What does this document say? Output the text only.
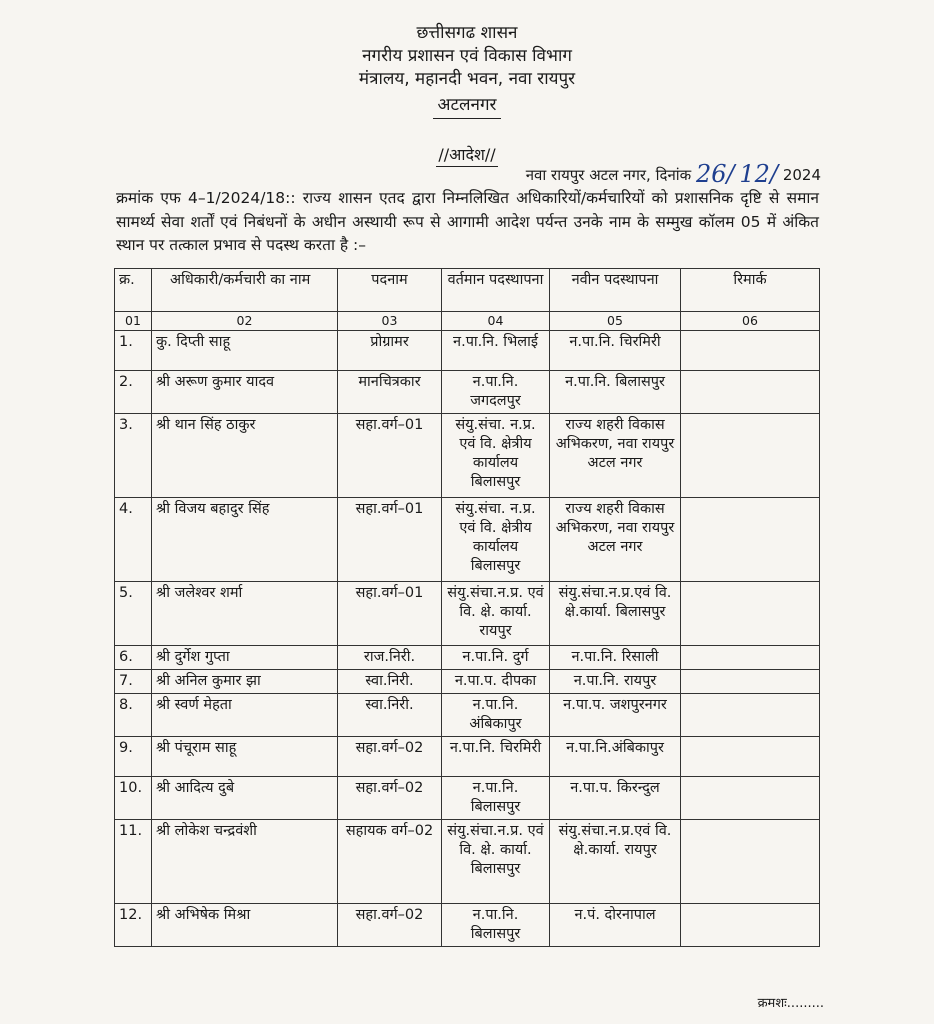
छत्तीसगढ शासन
नगरीय प्रशासन एवं विकास विभाग
मंत्रालय, महानदी भवन, नवा रायपुर
अटलनगर
//आदेश//
नवा रायपुर अटल नगर, दिनांक 26/ 12/ 2024
क्रमांक एफ 4–1/2024/18:: राज्य शासन एतद द्वारा निम्नलिखित अधिकारियों/कर्मचारियों को प्रशासनिक दृष्टि से समान सामर्थ्य सेवा शर्तों एवं निबंधनों के अधीन अस्थायी रूप से आगामी आदेश पर्यन्त उनके नाम के सम्मुख कॉलम 05 में अंकित स्थान पर तत्काल प्रभाव से पदस्थ करता है :–
क्र.	अधिकारी/कर्मचारी का नाम	पदनाम	वर्तमान पदस्थापना	नवीन पदस्थापना	रिमार्क
01	02	03	04	05	06
1.	कु. दिप्ती साहू	प्रोग्रामर	न.पा.नि. भिलाई	न.पा.नि. चिरमिरी	
2.	श्री अरूण कुमार यादव	मानचित्रकार	न.पा.नि. जगदलपुर	न.पा.नि. बिलासपुर	
3.	श्री थान सिंह ठाकुर	सहा.वर्ग–01	संयु.संचा. न.प्र. एवं वि. क्षेत्रीय कार्यालय बिलासपुर	राज्य शहरी विकास अभिकरण, नवा रायपुर अटल नगर	
4.	श्री विजय बहादुर सिंह	सहा.वर्ग–01	संयु.संचा. न.प्र. एवं वि. क्षेत्रीय कार्यालय बिलासपुर	राज्य शहरी विकास अभिकरण, नवा रायपुर अटल नगर	
5.	श्री जलेश्वर शर्मा	सहा.वर्ग–01	संयु.संचा.न.प्र. एवं वि. क्षे. कार्या. रायपुर	संयु.संचा.न.प्र.एवं वि. क्षे.कार्या. बिलासपुर	
6.	श्री दुर्गेश गुप्ता	राज.निरी.	न.पा.नि. दुर्ग	न.पा.नि. रिसाली	
7.	श्री अनिल कुमार झा	स्वा.निरी.	न.पा.प. दीपका	न.पा.नि. रायपुर	
8.	श्री स्वर्ण मेहता	स्वा.निरी.	न.पा.नि. अंबिकापुर	न.पा.प. जशपुरनगर	
9.	श्री पंचूराम साहू	सहा.वर्ग–02	न.पा.नि. चिरमिरी	न.पा.नि.अंबिकापुर	
10.	श्री आदित्य दुबे	सहा.वर्ग–02	न.पा.नि. बिलासपुर	न.पा.प. किरन्दुल	
11.	श्री लोकेश चन्द्रवंशी	सहायक वर्ग–02	संयु.संचा.न.प्र. एवं वि. क्षे. कार्या. बिलासपुर	संयु.संचा.न.प्र.एवं वि. क्षे.कार्या. रायपुर	
12.	श्री अभिषेक मिश्रा	सहा.वर्ग–02	न.पा.नि. बिलासपुर	न.पं. दोरनापाल	
क्रमशः.........
